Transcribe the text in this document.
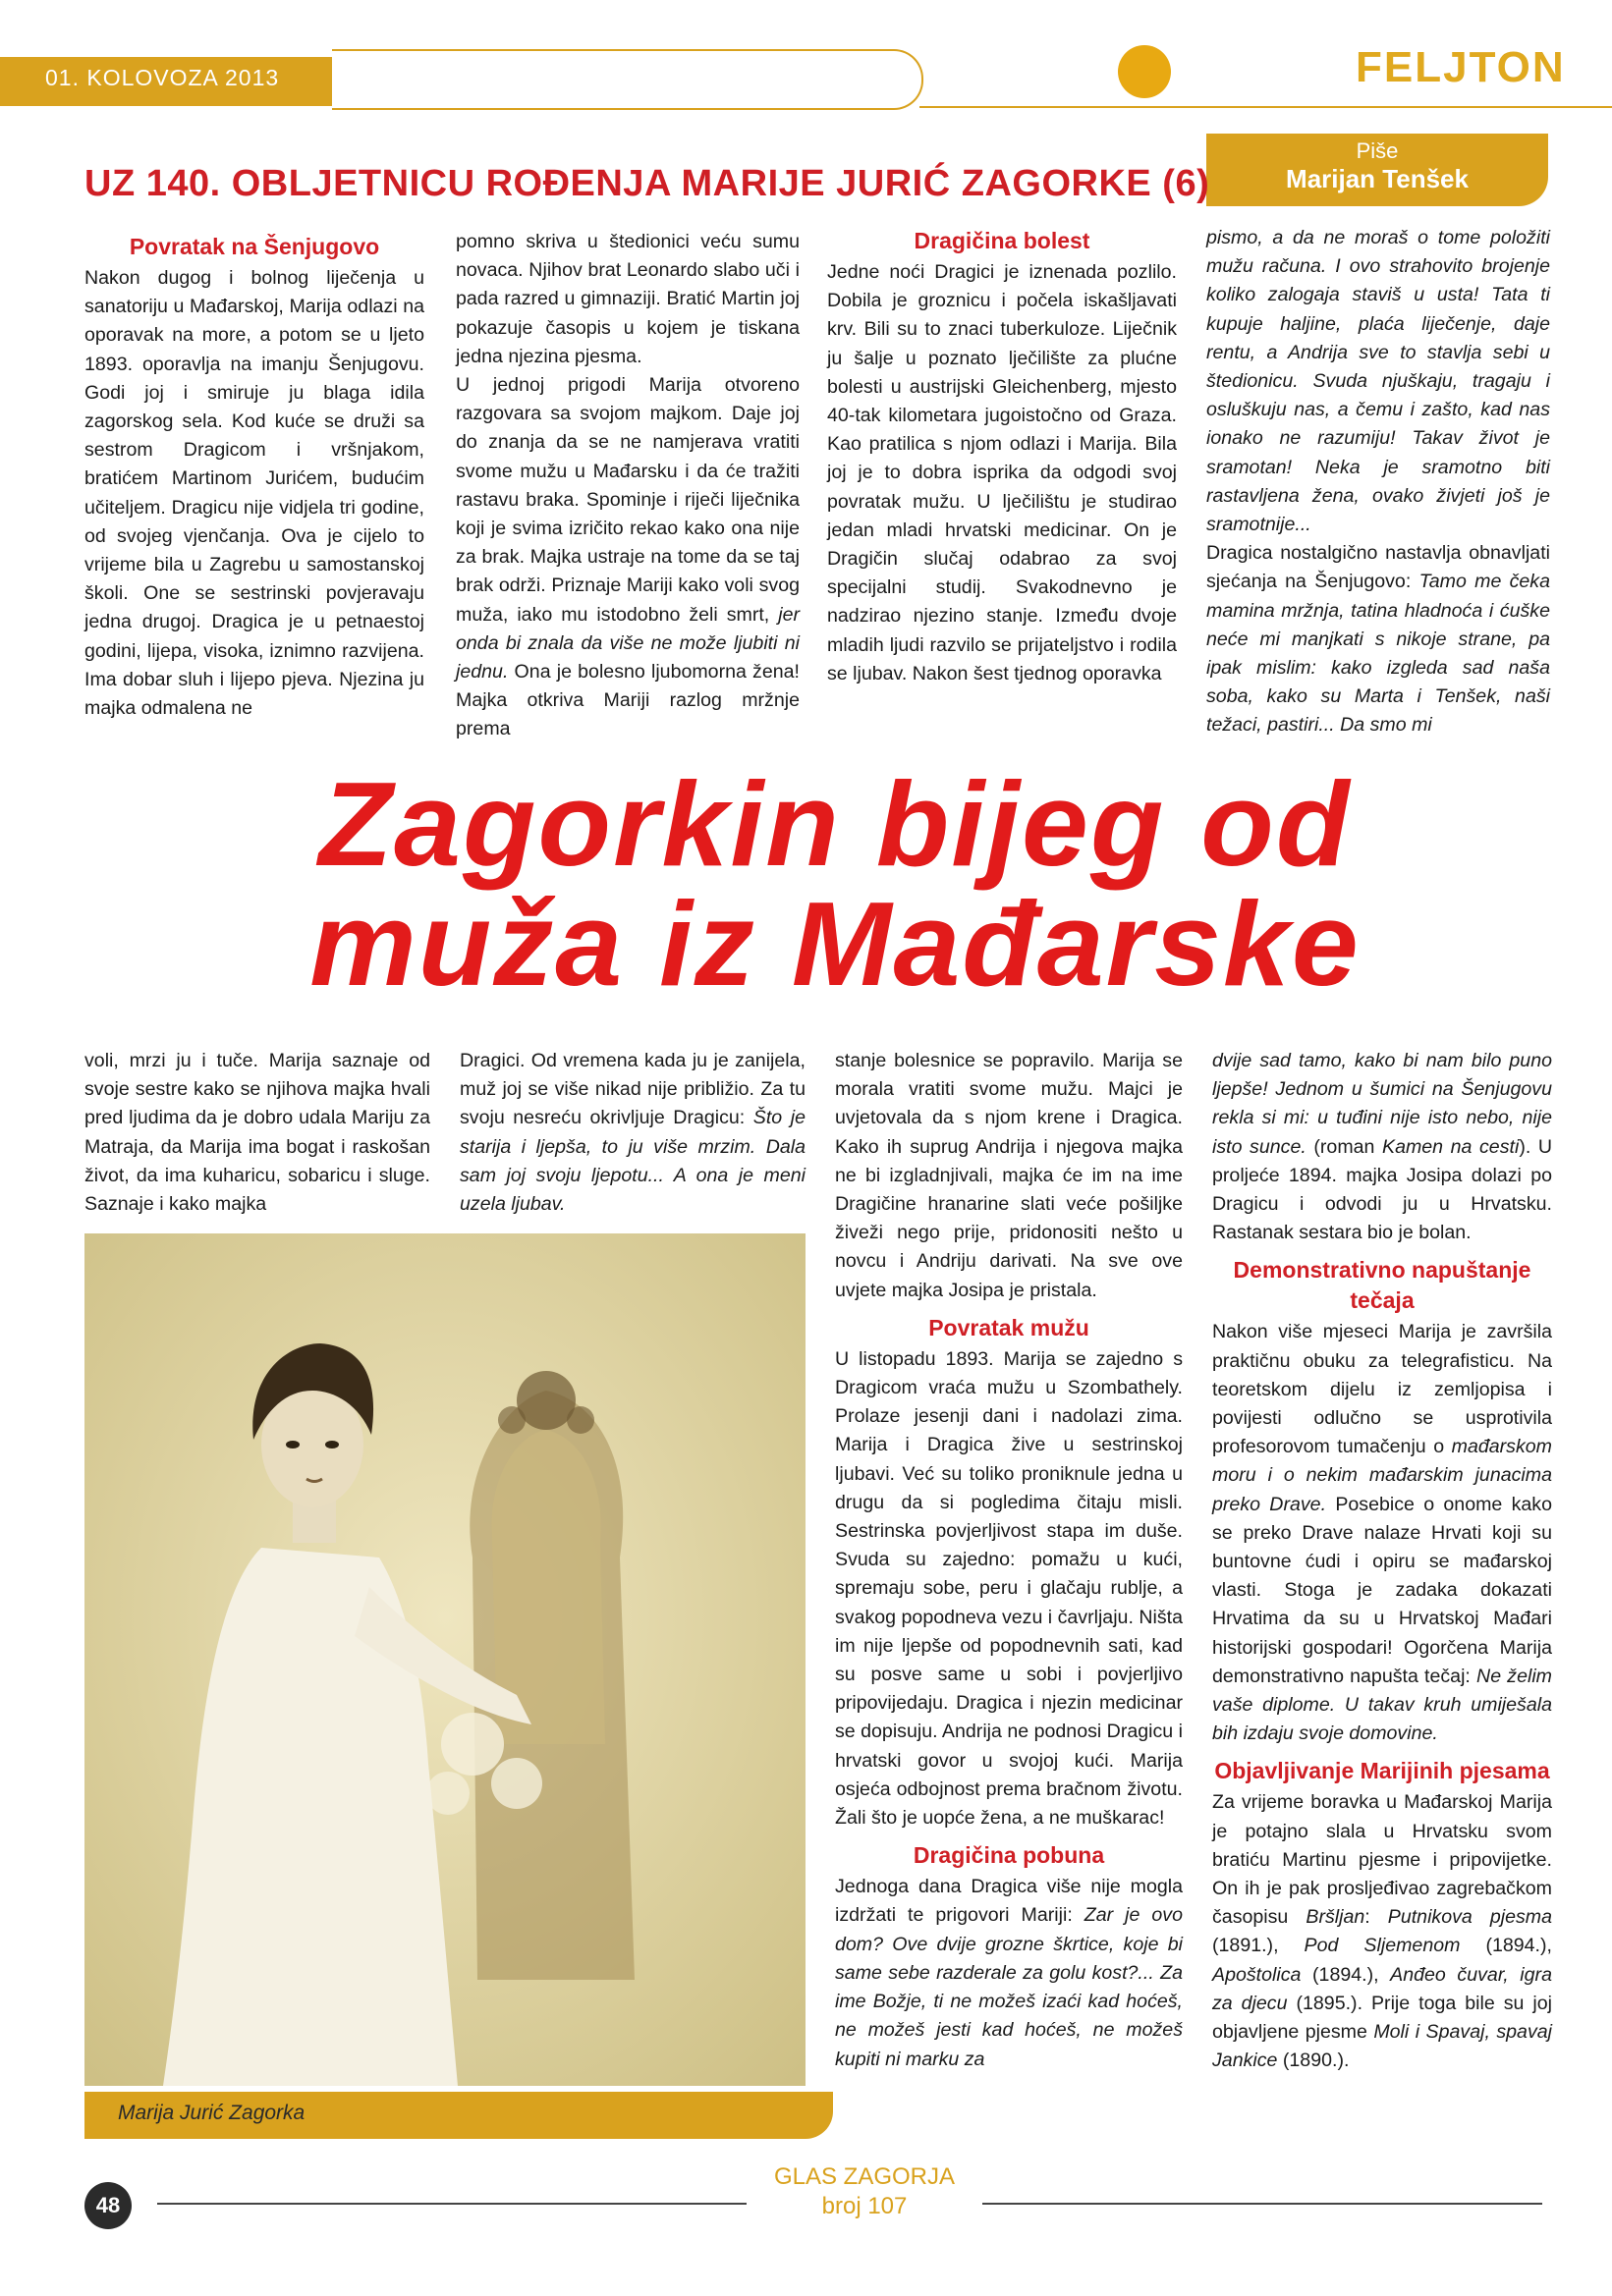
01. KOLOVOZA 2013	FELJTON
Piše
Marijan Tenšek
UZ 140. OBLJETNICU ROĐENJA MARIJE JURIĆ ZAGORKE (6)
Povratak na Šenjugovo

Nakon dugog i bolnog liječenja u sanatoriju u Mađarskoj, Marija odlazi na oporavak na more, a potom se u ljeto 1893. oporavlja na imanju Šenjugovu. Godi joj i smiruje ju blaga idila zagorskog sela. Kod kuće se druži sa sestrom Dragicom i vršnjakom, bratićem Martinom Jurićem, budućim učiteljem. Dragicu nije vidjela tri godine, od svojeg vjenčanja. Ova je cijelo to vrijeme bila u Zagrebu u samostanskoj školi. One se sestrinski povjeravaju jedna drugoj. Dragica je u petnaestoj godini, lijepa, visoka, iznimno razvijena. Ima dobar sluh i lijepo pjeva. Njezina ju majka odmalena ne

pomno skriva u štedionici veću sumu novaca. Njihov brat Leonardo slabo uči i pada razred u gimnaziji. Bratić Martin joj pokazuje časopis u kojem je tiskana jedna njezina pjesma.

U jednoj prigodi Marija otvoreno razgovara sa svojom majkom. Daje joj do znanja da se ne namjerava vratiti svome mužu u Mađarsku i da će tražiti rastavu braka. Spominje i riječi liječnika koji je svima izričito rekao kako ona nije za brak. Majka ustraje na tome da se taj brak održi. Priznaje Mariji kako voli svog muža, iako mu istodobno želi smrt, jer onda bi znala da više ne može ljubiti ni jednu. Ona je bolesno ljubomorna žena! Majka otkriva Mariji razlog mržnje prema

Dragičina bolest

Jedne noći Dragici je iznenada pozlilo. Dobila je groznicu i počela iskašljavati krv. Bili su to znaci tuberkuloze. Liječnik ju šalje u poznato lječilište za plućne bolesti u austrijski Gleichenberg, mjesto 40-tak kilometara jugoistočno od Graza. Kao pratilica s njom odlazi i Marija. Bila joj je to dobra isprika da odgodi svoj povratak mužu. U lječilištu je studirao jedan mladi hrvatski medicinar. On je Dragičin slučaj odabrao za svoj specijalni studij. Svakodnevno je nadzirao njezino stanje. Između dvoje mladih ljudi razvilo se prijateljstvo i rodila se ljubav. Nakon šest tjednog oporavka

pismo, a da ne moraš o tome položiti mužu računa. I ovo strahovito brojenje koliko zalogaja staviš u usta! Tata ti kupuje haljine, plaća liječenje, daje rentu, a Andrija sve to stavlja sebi u štedionicu. Svuda njuškaju, tragaju i osluškuju nas, a čemu i zašto, kad nas ionako ne razumiju! Takav život je sramotan! Neka je sramotno biti rastavljena žena, ovako živjeti još je sramotnije...

Dragica nostalgično nastavlja obnavljati sjećanja na Šenjugovo: Tamo me čeka mamina mržnja, tatina hladnoća i ćuške neće mi manjkati s nikoje strane, pa ipak mislim: kako izgleda sad naša soba, kako su Marta i Tenšek, naši težaci, pastiri... Da smo mi

Zagorkin bijeg od
muža iz Mađarske

voli, mrzi ju i tuče. Marija saznaje od svoje sestre kako se njihova majka hvali pred ljudima da je dobro udala Mariju za Matraja, da Marija ima bogat i raskošan život, da ima kuharicu, sobaricu i sluge. Saznaje i kako majka

Dragici. Od vremena kada ju je zanijela, muž joj se više nikad nije približio. Za tu svoju nesreću okrivljuje Dragicu: Što je starija i ljepša, to ju više mrzim. Dala sam joj svoju ljepotu... A ona je meni uzela ljubav.

stanje bolesnice se popravilo. Marija se morala vratiti svome mužu. Majci je uvjetovala da s njom krene i Dragica. Kako ih suprug Andrija i njegova majka ne bi izgladnjivali, majka će im na ime Dragičine hranarine slati veće pošiljke živeži nego prije, pridonositi nešto u novcu i Andriju darivati. Na sve ove uvjete majka Josipa je pristala.

Povratak mužu

U listopadu 1893. Marija se zajedno s Dragicom vraća mužu u Szombathely. Prolaze jesenji dani i nadolazi zima. Marija i Dragica žive u sestrinskoj ljubavi. Već su toliko proniknule jedna u drugu da si pogledima čitaju misli. Sestrinska povjerljivost stapa im duše. Svuda su zajedno: pomažu u kući, spremaju sobe, peru i glačaju rublje, a svakog popodneva vezu i čavrljaju. Ništa im nije ljepše od popodnevnih sati, kad su posve same u sobi i povjerljivo pripovijedaju. Dragica i njezin medicinar se dopisuju. Andrija ne podnosi Dragicu i hrvatski govor u svojoj kući. Marija osjeća odbojnost prema bračnom životu. Žali što je uopće žena, a ne muškarac!

Dragičina pobuna

Jednoga dana Dragica više nije mogla izdržati te prigovori Mariji: Zar je ovo dom? Ove dvije grozne škrtice, koje bi same sebe razderale za golu kost?... Za ime Božje, ti ne možeš izaći kad hoćeš, ne možeš jesti kad hoćeš, ne možeš kupiti ni marku za

dvije sad tamo, kako bi nam bilo puno ljepše! Jednom u šumici na Šenjugovu rekla si mi: u tuđini nije isto nebo, nije isto sunce. (roman Kamen na cesti). U proljeće 1894. majka Josipa dolazi po Dragicu i odvodi ju u Hrvatsku. Rastanak sestara bio je bolan.

Demonstrativno napuštanje tečaja

Nakon više mjeseci Marija je završila praktičnu obuku za telegrafisticu. Na teoretskom dijelu iz zemljopisa i povijesti odlučno se usprotivila profesorovom tumačenju o mađarskom moru i o nekim mađarskim junacima preko Drave. Posebice o onome kako se preko Drave nalaze Hrvati koji su buntovne ćudi i opiru se mađarskoj vlasti. Stoga je zadaka dokazati Hrvatima da su u Hrvatskoj Mađari historijski gospodari! Ogorčena Marija demonstrativno napušta tečaj: Ne želim vaše diplome. U takav kruh umiješala bih izdaju svoje domovine.

Objavljivanje Marijinih pjesama

Za vrijeme boravka u Mađarskoj Marija je potajno slala u Hrvatsku svom bratiću Martinu pjesme i pripovijetke. On ih je pak prosljeđivao zagrebačkom časopisu Bršljan: Putnikova pjesma (1891.), Pod Sljemenom (1894.), Apoštolica (1894.), Anđeo čuvar, igra za djecu (1895.). Prije toga bile su joj objavljene pjesme Moli i Spavaj, spavaj Jankice (1890.).

Marija Jurić Zagorka
48
GLAS ZAGORJA
broj 107
